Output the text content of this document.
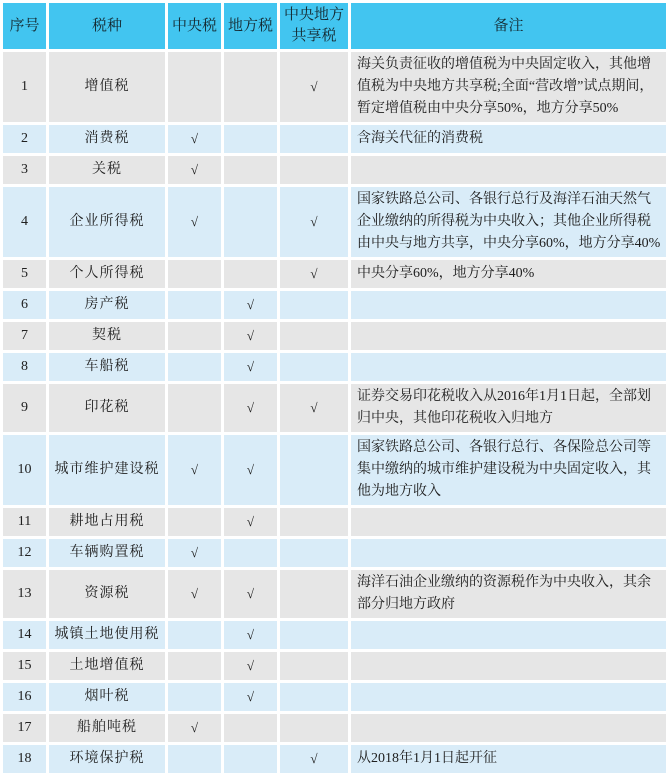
序号	税种	中央税	地方税	中央地方共享税	备注
1	增值税			√	海关负责征收的增值税为中央固定收入，其他增值税为中央地方共享税;全面“营改增”试点期间，暂定增值税由中央分享50%，地方分享50%
2	消费税	√			含海关代征的消费税
3	关税	√			
4	企业所得税	√		√	国家铁路总公司、各银行总行及海洋石油天然气企业缴纳的所得税为中央收入；其他企业所得税由中央与地方共享，中央分享60%，地方分享40%
5	个人所得税			√	中央分享60%，地方分享40%
6	房产税		√		
7	契税		√		
8	车船税		√		
9	印花税		√	√	证券交易印花税收入从2016年1月1日起，全部划归中央，其他印花税收入归地方
10	城市维护建设税	√	√		国家铁路总公司、各银行总行、各保险总公司等集中缴纳的城市维护建设税为中央固定收入，其他为地方收入
11	耕地占用税		√		
12	车辆购置税	√			
13	资源税	√	√		海洋石油企业缴纳的资源税作为中央收入，其余部分归地方政府
14	城镇土地使用税		√		
15	土地增值税		√		
16	烟叶税		√		
17	船舶吨税	√			
18	环境保护税			√	从2018年1月1日起开征
